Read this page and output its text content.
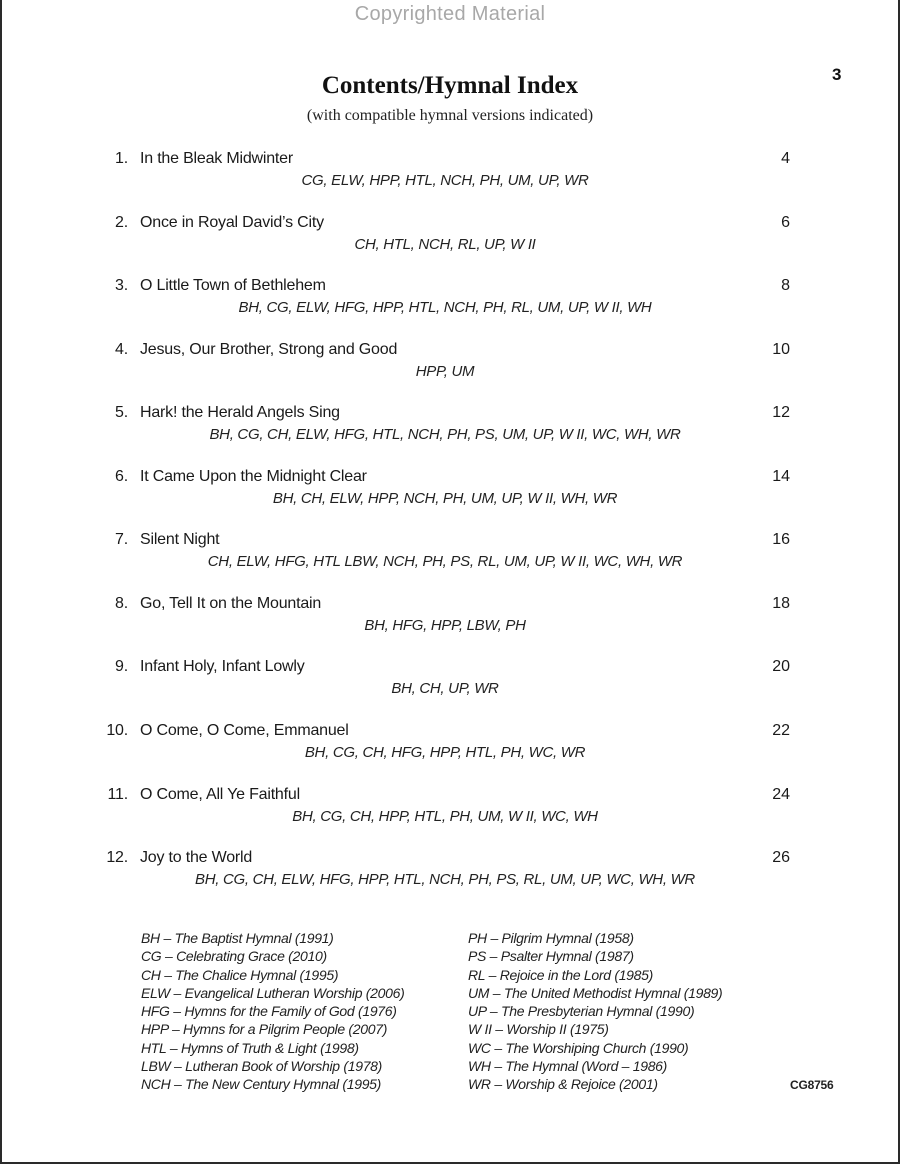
Copyrighted Material
3
Contents/Hymnal Index
(with compatible hymnal versions indicated)
1. In the Bleak Midwinter	4
CG, ELW, HPP, HTL, NCH, PH, UM, UP, WR
2. Once in Royal David’s City	6
CH, HTL, NCH, RL, UP, W II
3. O Little Town of Bethlehem	8
BH, CG, ELW, HFG, HPP, HTL, NCH, PH, RL, UM, UP, W II, WH
4. Jesus, Our Brother, Strong and Good	10
HPP, UM
5. Hark! the Herald Angels Sing	12
BH, CG, CH, ELW, HFG, HTL, NCH, PH, PS, UM, UP, W II, WC, WH, WR
6. It Came Upon the Midnight Clear	14
BH, CH, ELW, HPP, NCH, PH, UM, UP, W II, WH, WR
7. Silent Night	16
CH, ELW, HFG, HTL LBW, NCH, PH, PS, RL, UM, UP, W II, WC, WH, WR
8. Go, Tell It on the Mountain	18
BH, HFG, HPP, LBW, PH
9. Infant Holy, Infant Lowly	20
BH, CH, UP, WR
10. O Come, O Come, Emmanuel	22
BH, CG, CH, HFG, HPP, HTL, PH, WC, WR
11. O Come, All Ye Faithful	24
BH, CG, CH, HPP, HTL, PH, UM, W II, WC, WH
12. Joy to the World	26
BH, CG, CH, ELW, HFG, HPP, HTL, NCH, PH, PS, RL, UM, UP, WC, WH, WR
BH – The Baptist Hymnal (1991)
CG – Celebrating Grace (2010)
CH – The Chalice Hymnal (1995)
ELW – Evangelical Lutheran Worship (2006)
HFG – Hymns for the Family of God (1976)
HPP – Hymns for a Pilgrim People (2007)
HTL – Hymns of Truth & Light (1998)
LBW – Lutheran Book of Worship (1978)
NCH – The New Century Hymnal (1995)
PH – Pilgrim Hymnal (1958)
PS – Psalter Hymnal (1987)
RL – Rejoice in the Lord (1985)
UM – The United Methodist Hymnal (1989)
UP – The Presbyterian Hymnal (1990)
W II – Worship II (1975)
WC – The Worshiping Church (1990)
WH – The Hymnal (Word – 1986)
WR – Worship & Rejoice (2001)	CG8756
